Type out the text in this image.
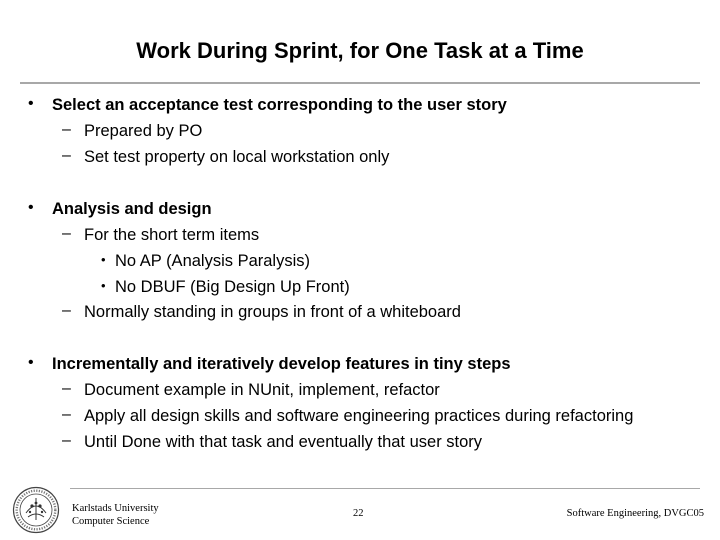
Work During Sprint, for One Task at a Time
• Select an acceptance test corresponding to the user story
– Prepared by PO
– Set test property on local workstation only
• Analysis and design
– For the short term items
• No AP (Analysis Paralysis)
• No DBUF (Big Design Up Front)
– Normally standing in groups in front of a whiteboard
• Incrementally and iteratively develop features in tiny steps
– Document example in NUnit, implement, refactor
– Apply all design skills and software engineering practices during refactoring
– Until Done with that task and eventually that user story
Karlstads University
Computer Science
22	Software Engineering, DVGC05
